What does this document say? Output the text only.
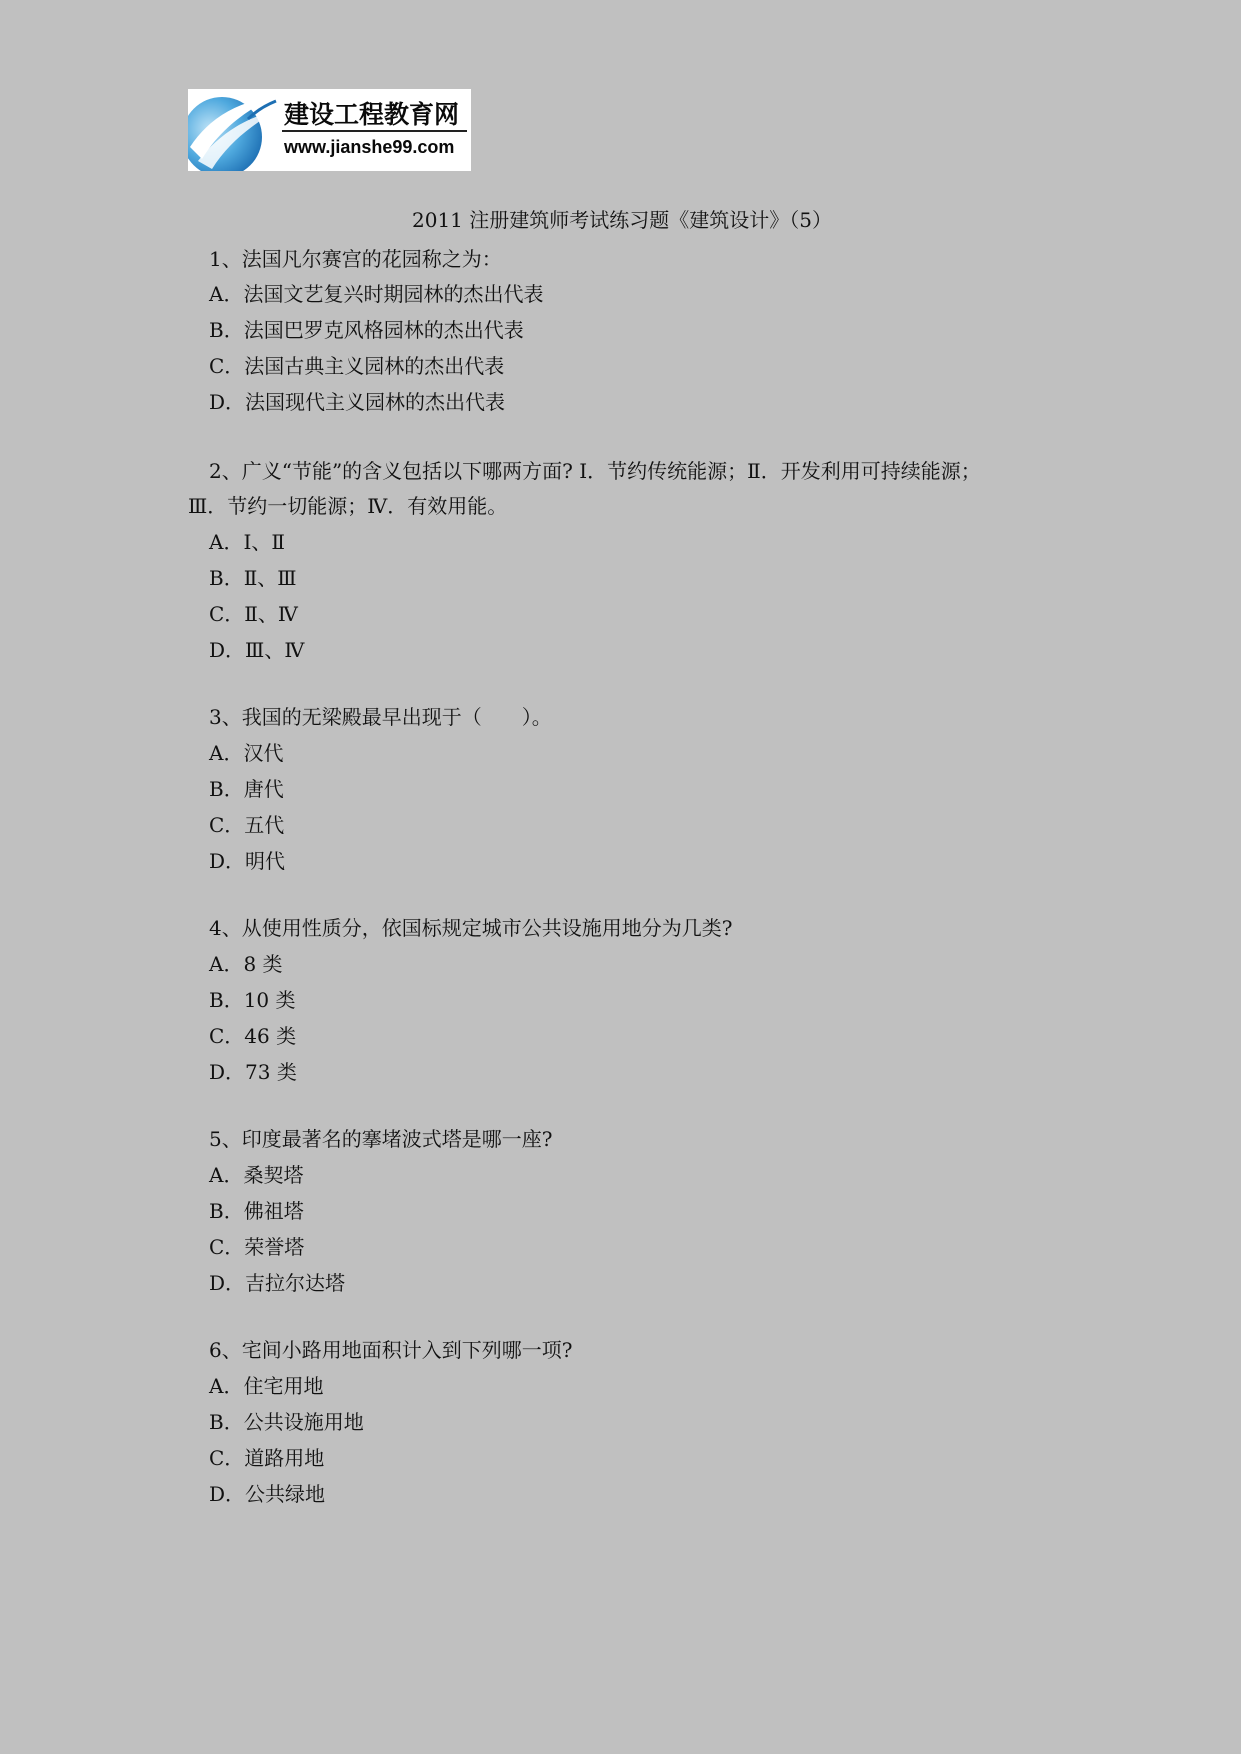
建设工程教育网
www.jianshe99.com
2011 注册建筑师考试练习题《建筑设计》（5）
1、法国凡尔赛宫的花园称之为：
A．法国文艺复兴时期园林的杰出代表
B．法国巴罗克风格园林的杰出代表
C．法国古典主义园林的杰出代表
D．法国现代主义园林的杰出代表
2、广义“节能”的含义包括以下哪两方面? Ⅰ．节约传统能源；Ⅱ．开发利用可持续能源；
Ⅲ．节约一切能源；Ⅳ．有效用能。
A．Ⅰ、Ⅱ
B．Ⅱ、Ⅲ
C．Ⅱ、Ⅳ
D．Ⅲ、Ⅳ
3、我国的无梁殿最早出现于（　　）。
A．汉代
B．唐代
C．五代
D．明代
4、从使用性质分，依国标规定城市公共设施用地分为几类?
A．8 类
B．10 类
C．46 类
D．73 类
5、印度最著名的搴堵波式塔是哪一座?
A．桑契塔
B．佛祖塔
C．荣誉塔
D．吉拉尔达塔
6、宅间小路用地面积计入到下列哪一项?
A．住宅用地
B．公共设施用地
C．道路用地
D．公共绿地
